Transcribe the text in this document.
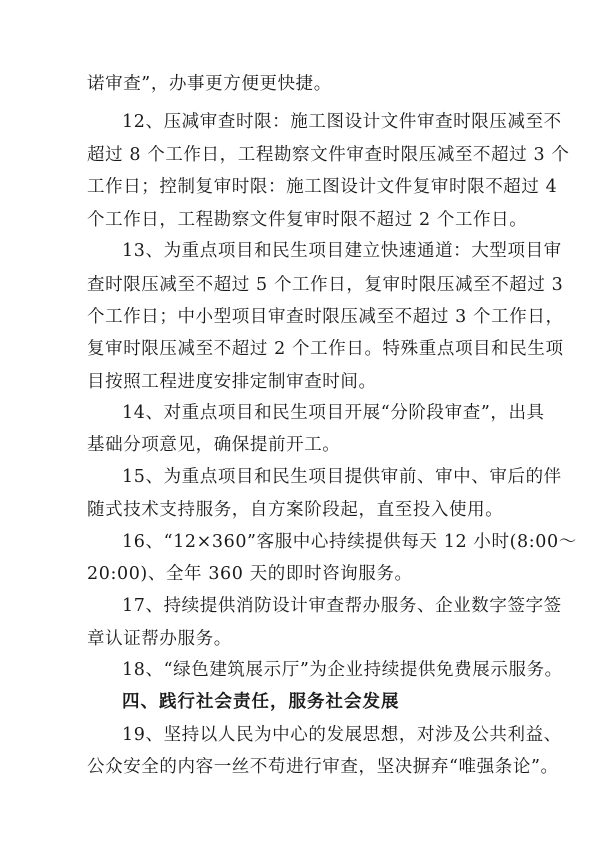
诺审查”，办事更方便更快捷。
12、压减审查时限：施工图设计文件审查时限压减至不
超过 8 个工作日，工程勘察文件审查时限压减至不超过 3 个
工作日；控制复审时限：施工图设计文件复审时限不超过 4
个工作日，工程勘察文件复审时限不超过 2 个工作日。
13、为重点项目和民生项目建立快速通道：大型项目审
查时限压减至不超过 5 个工作日，复审时限压减至不超过 3
个工作日；中小型项目审查时限压减至不超过 3 个工作日，
复审时限压减至不超过 2 个工作日。特殊重点项目和民生项
目按照工程进度安排定制审查时间。
14、对重点项目和民生项目开展“分阶段审查”，出具
基础分项意见，确保提前开工。
15、为重点项目和民生项目提供审前、审中、审后的伴
随式技术支持服务，自方案阶段起，直至投入使用。
16、“12×360”客服中心持续提供每天 12 小时(8:00～
20:00)、全年 360 天的即时咨询服务。
17、持续提供消防设计审查帮办服务、企业数字签字签
章认证帮办服务。
18、“绿色建筑展示厅”为企业持续提供免费展示服务。
四、践行社会责任，服务社会发展
19、坚持以人民为中心的发展思想，对涉及公共利益、
公众安全的内容一丝不苟进行审查，坚决摒弃“唯强条论”。
